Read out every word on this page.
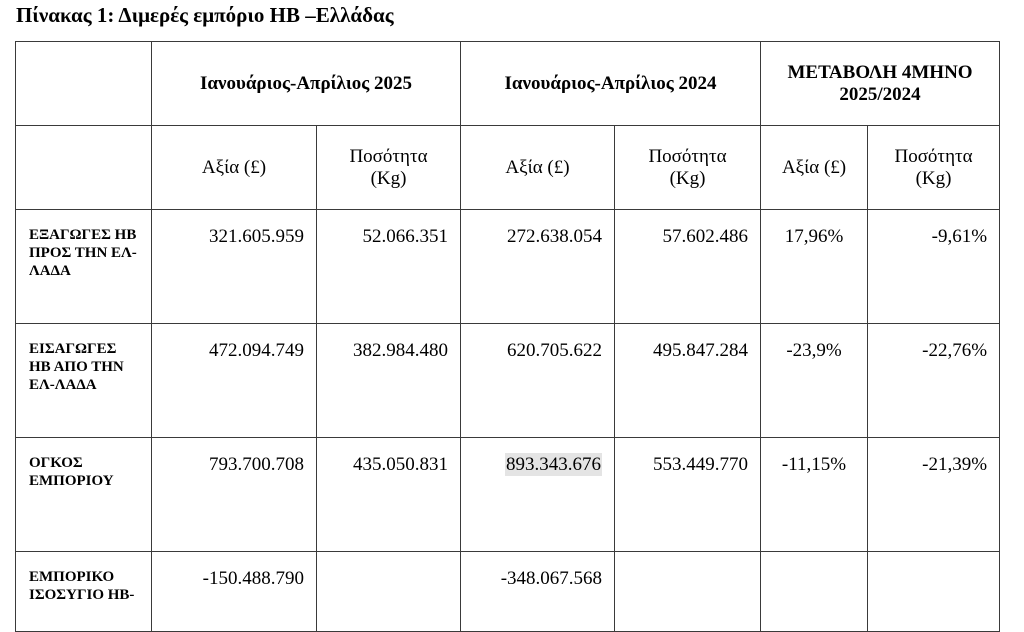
Πίνακας 1: Διμερές εμπόριο ΗΒ –Ελλάδας
	Ιανουάριος-Απρίλιος 2025		Ιανουάριος-Απρίλιος 2024		ΜΕΤΑΒΟΛΗ 4ΜΗΝΟ 2025/2024	
	Αξία (£)	Ποσότητα (Kg)	Αξία (£)	Ποσότητα (Kg)	Αξία (£)	Ποσότητα (Kg)
ΕΞΑΓΩΓΕΣ ΗΒ ΠΡΟΣ ΤΗΝ ΕΛ-ΛΑΔΑ	321.605.959	52.066.351	272.638.054	57.602.486	17,96%	-9,61%
ΕΙΣΑΓΩΓΕΣ ΗΒ ΑΠΟ ΤΗΝ ΕΛ-ΛΑΔΑ	472.094.749	382.984.480	620.705.622	495.847.284	-23,9%	-22,76%
ΟΓΚΟΣ ΕΜΠΟΡΙΟΥ	793.700.708	435.050.831	893.343.676	553.449.770	-11,15%	-21,39%
ΕΜΠΟΡΙΚΟ ΙΣΟΣΥΓΙΟ ΗΒ-	-150.488.790		-348.067.568			
